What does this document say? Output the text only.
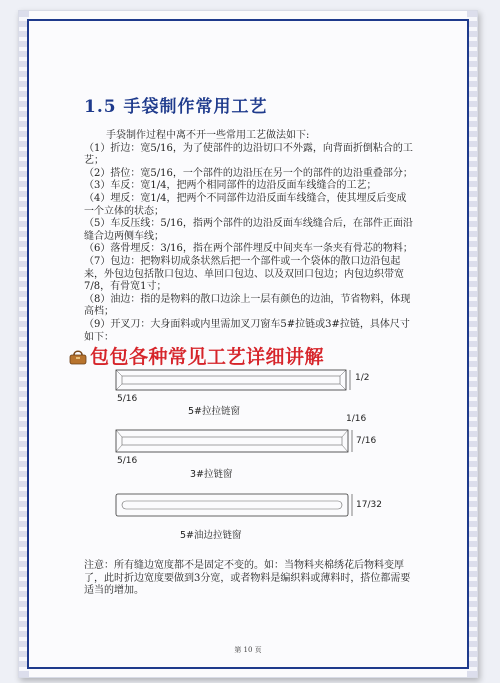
第 10 页
1.5 手袋制作常用工艺

手袋制作过程中离不开一些常用工艺做法如下:

（1）折边：宽5/16，为了使部件的边沿切口不外露，向背面折倒粘合的工艺；

（2）搭位：宽5/16，一个部件的边沿压在另一个的部件的边沿重叠部分；

（3）车反：宽1/4，把两个相同部件的边沿反面车线缝合的工艺；

（4）埋反：宽1/4，把两个不同部件边沿反面车线缝合，使其埋反后变成一个立体的状态；

（5）车反压线：5/16，指两个部件的边沿反面车线缝合后，在部件正面沿缝合边两侧车线；

（6）落骨埋反：3/16，指在两个部件埋反中间夹车一条夹有骨芯的物料；

（7）包边：把物料切成条状然后把一个部件或一个袋体的散口边沿包起来，外包边包括散口包边、单回口包边、以及双回口包边；内包边织带宽7/8，有骨宽1寸；

（8）油边：指的是物料的散口边涂上一层有颜色的边油，节省物料，体现高档；

（9）开叉刀：大身面料或内里需加叉刀窗车5#拉链或3#拉链，具体尺寸如下：

包包各种常见工艺详细讲解
1/2
5/16
5#拉拉链窗
1/16
7/16
5/16
3#拉链窗
17/32
5#油边拉链窗
注意：所有缝边宽度都不是固定不变的。如：当物料夹棉绣花后物料变厚了，此时折边宽度要做到3分宽，或者物料是编织料或薄料时，搭位都需要适当的增加。
